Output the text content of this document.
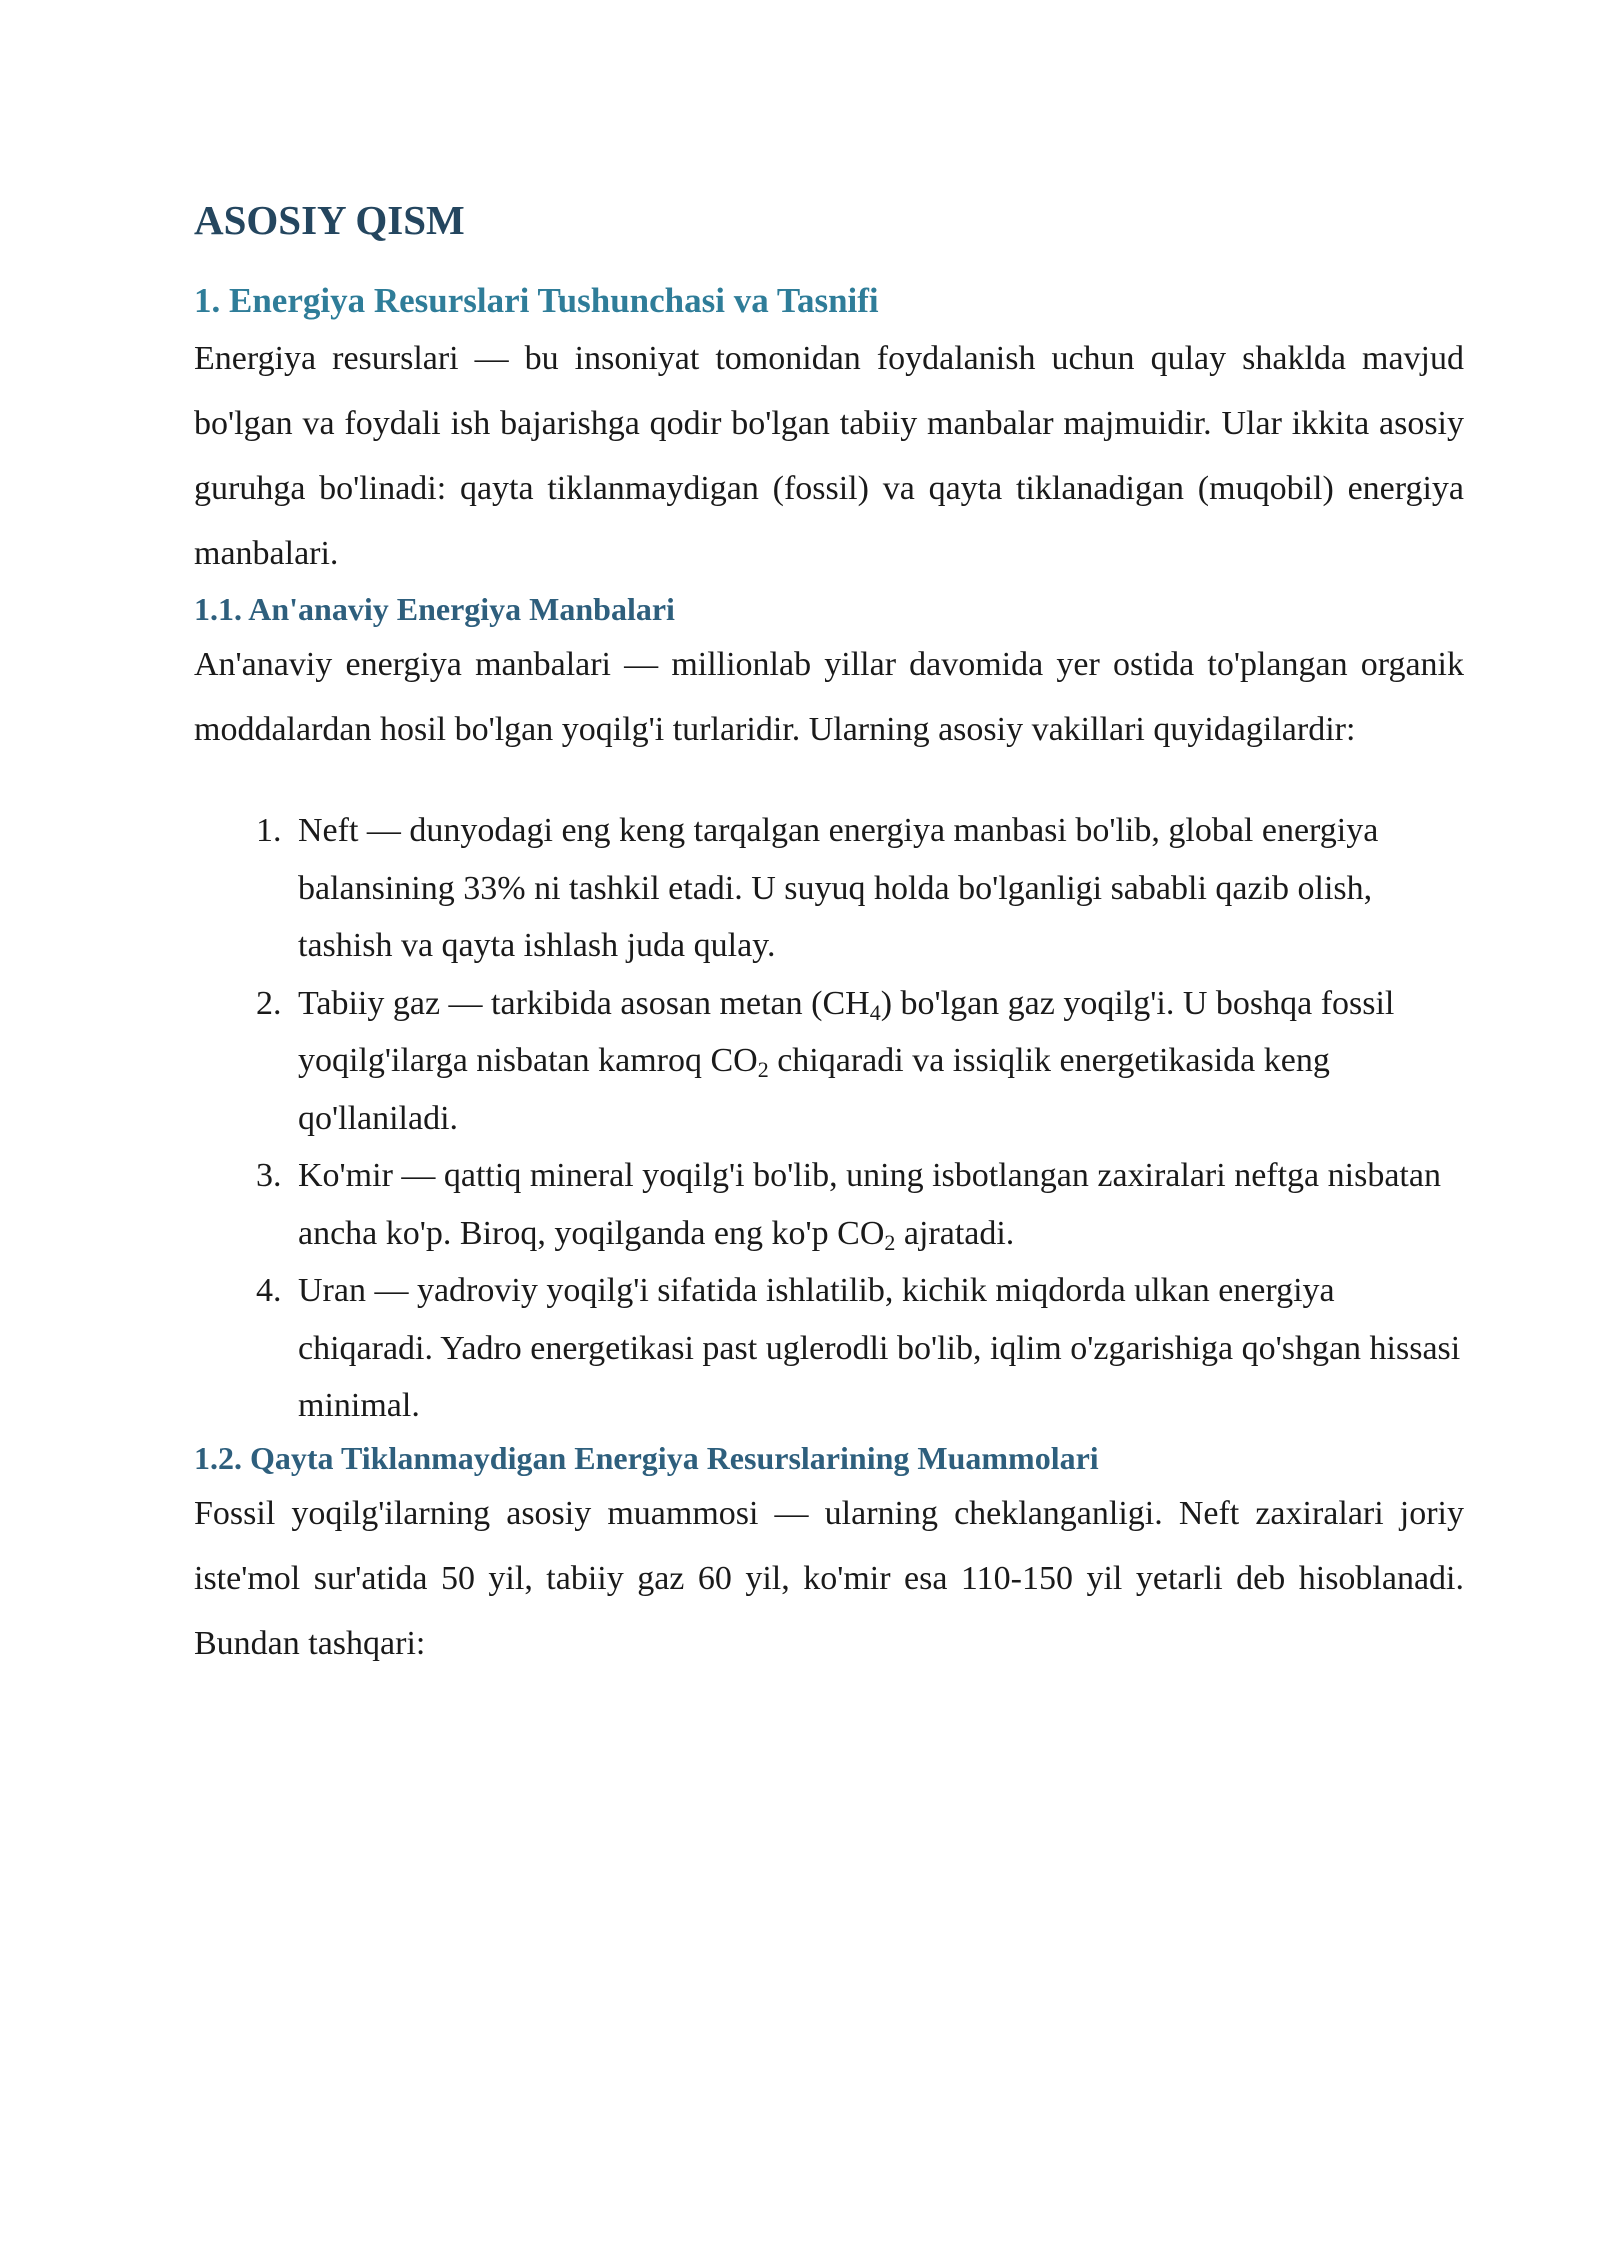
ASOSIY QISM
1. Energiya Resurslari Tushunchasi va Tasnifi

Energiya resurslari — bu insoniyat tomonidan foydalanish uchun qulay shaklda mavjud bo'lgan va foydali ish bajarishga qodir bo'lgan tabiiy manbalar majmuidir. Ular ikkita asosiy guruhga bo'linadi: qayta tiklanmaydigan (fossil) va qayta tiklanadigan (muqobil) energiya manbalari.

1.1. An'anaviy Energiya Manbalari

An'anaviy energiya manbalari — millionlab yillar davomida yer ostida to'plangan organik moddalardan hosil bo'lgan yoqilg'i turlaridir. Ularning asosiy vakillari quyidagilardir:

1. Neft — dunyodagi eng keng tarqalgan energiya manbasi bo'lib, global energiya balansining 33% ni tashkil etadi. U suyuq holda bo'lganligi sababli qazib olish, tashish va qayta ishlash juda qulay.
2. Tabiiy gaz — tarkibida asosan metan $(CH_4)$ bo'lgan gaz yoqilg'i. U boshqa fossil yoqilg'ilarga nisbatan kamroq $CO_2$ chiqaradi va issiqlik energetikasida keng qo'llaniladi.
3. Ko'mir — qattiq mineral yoqilg'i bo'lib, uning isbotlangan zaxiralari neftga nisbatan ancha ko'p. Biroq, yoqilganda eng ko'p $CO_2$ ajratadi.
4. Uran — yadroviy yoqilg'i sifatida ishlatilib, kichik miqdorda ulkan energiya chiqaradi. Yadro energetikasi past uglerodli bo'lib, iqlim o'zgarishiga qo'shgan hissasi minimal.
1.2. Qayta Tiklanmaydigan Energiya Resurslarining Muammolari

Fossil yoqilg'ilarning asosiy muammosi — ularning cheklanganligi. Neft zaxiralari joriy iste'mol sur'atida 50 yil, tabiiy gaz 60 yil, ko'mir esa 110-150 yil yetarli deb hisoblanadi. Bundan tashqari:
